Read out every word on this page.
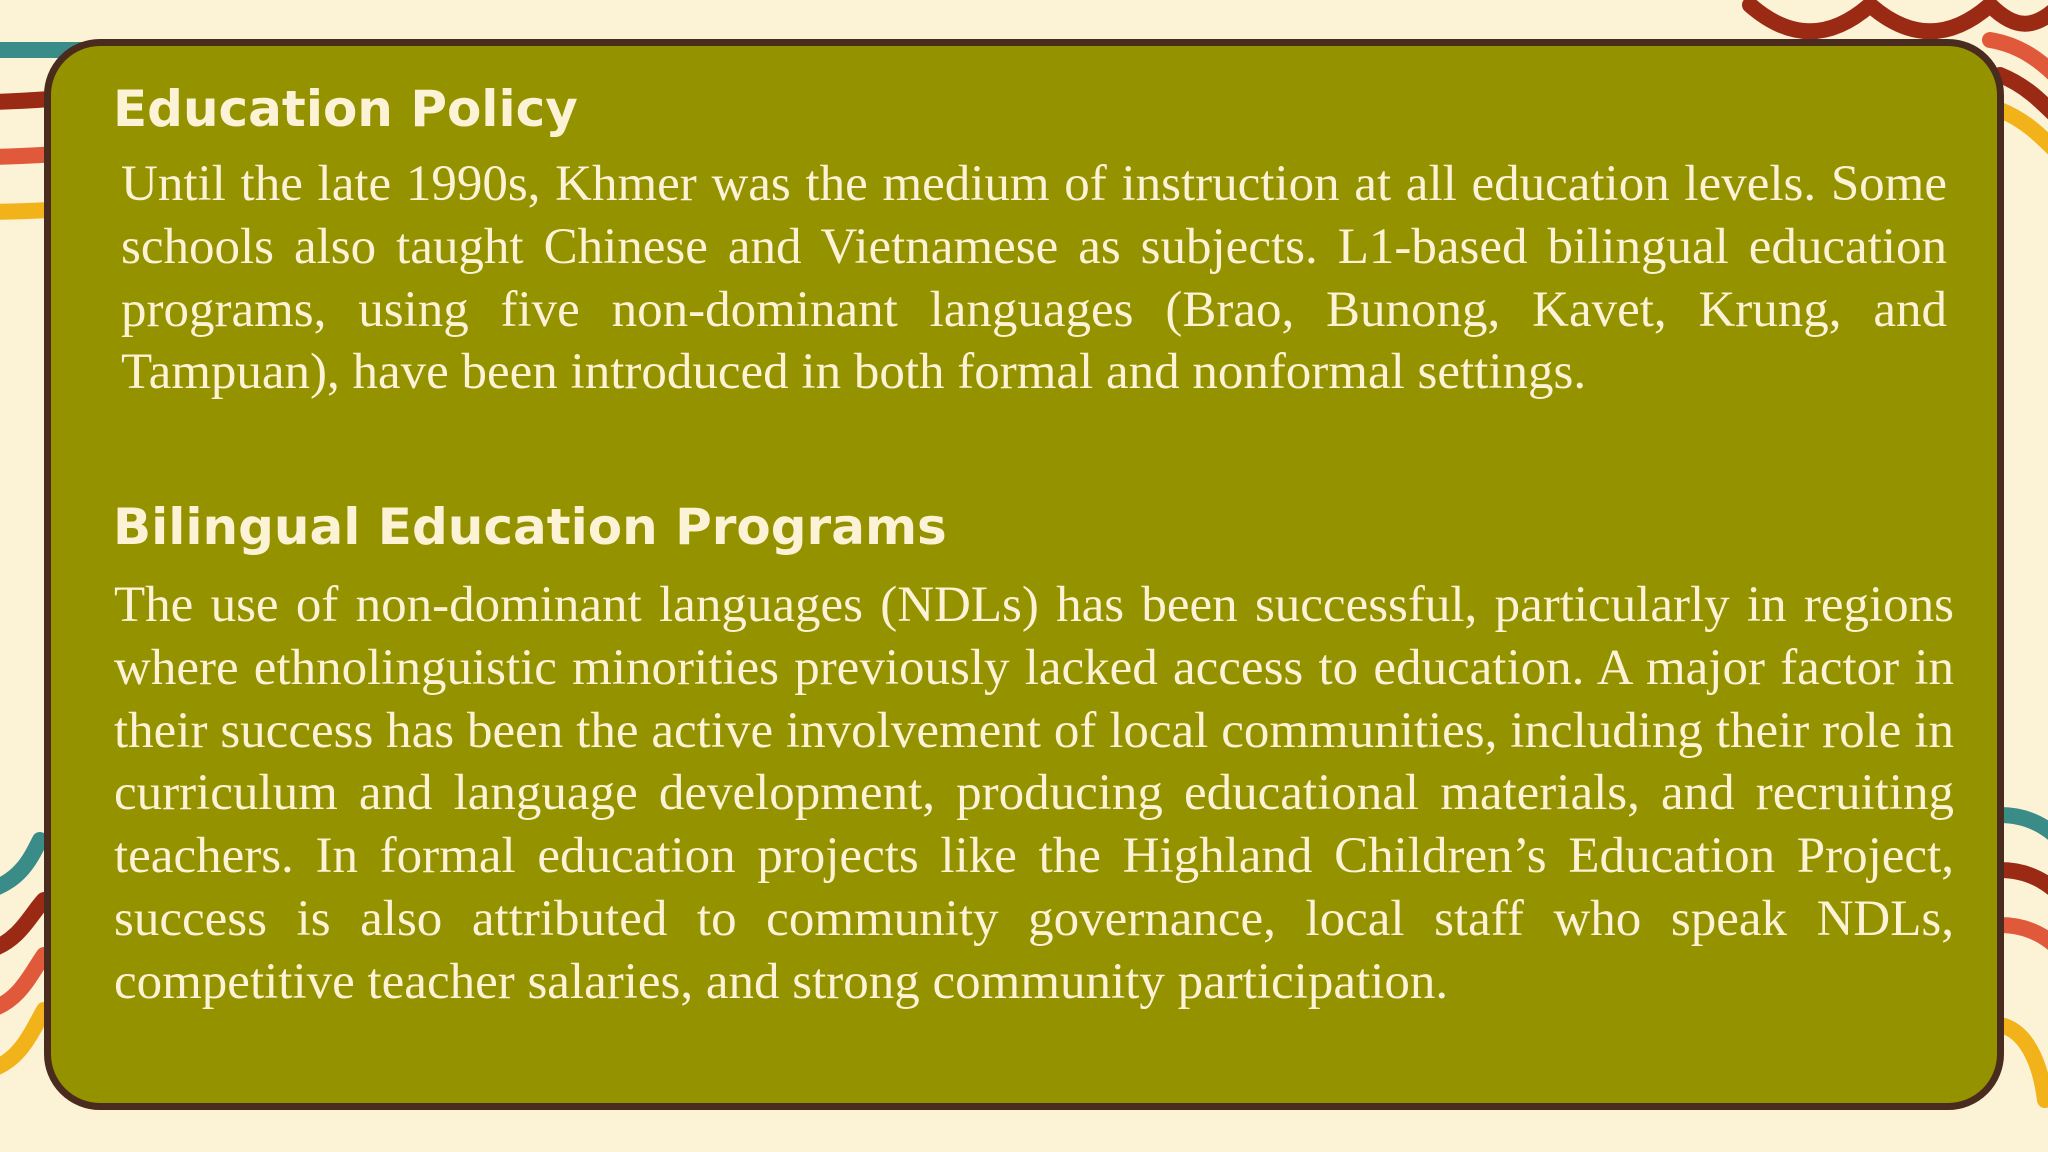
Education Policy

Until the late 1990s, Khmer was the medium of instruction at all education levels. Some schools also taught Chinese and Vietnamese as subjects. L1-based bilingual education programs, using five non-dominant languages (Brao, Bunong, Kavet, Krung, and Tampuan), have been introduced in both formal and nonformal settings.

Bilingual Education Programs

The use of non-dominant languages (NDLs) has been successful, particularly in regions where ethnolinguistic minorities previously lacked access to education. A major factor in their success has been the active involvement of local communities, including their role in curriculum and language development, producing educational materials, and recruiting teachers. In formal education projects like the Highland Children’s Education Project, success is also attributed to community governance, local staff who speak NDLs, competitive teacher salaries, and strong community participation.
